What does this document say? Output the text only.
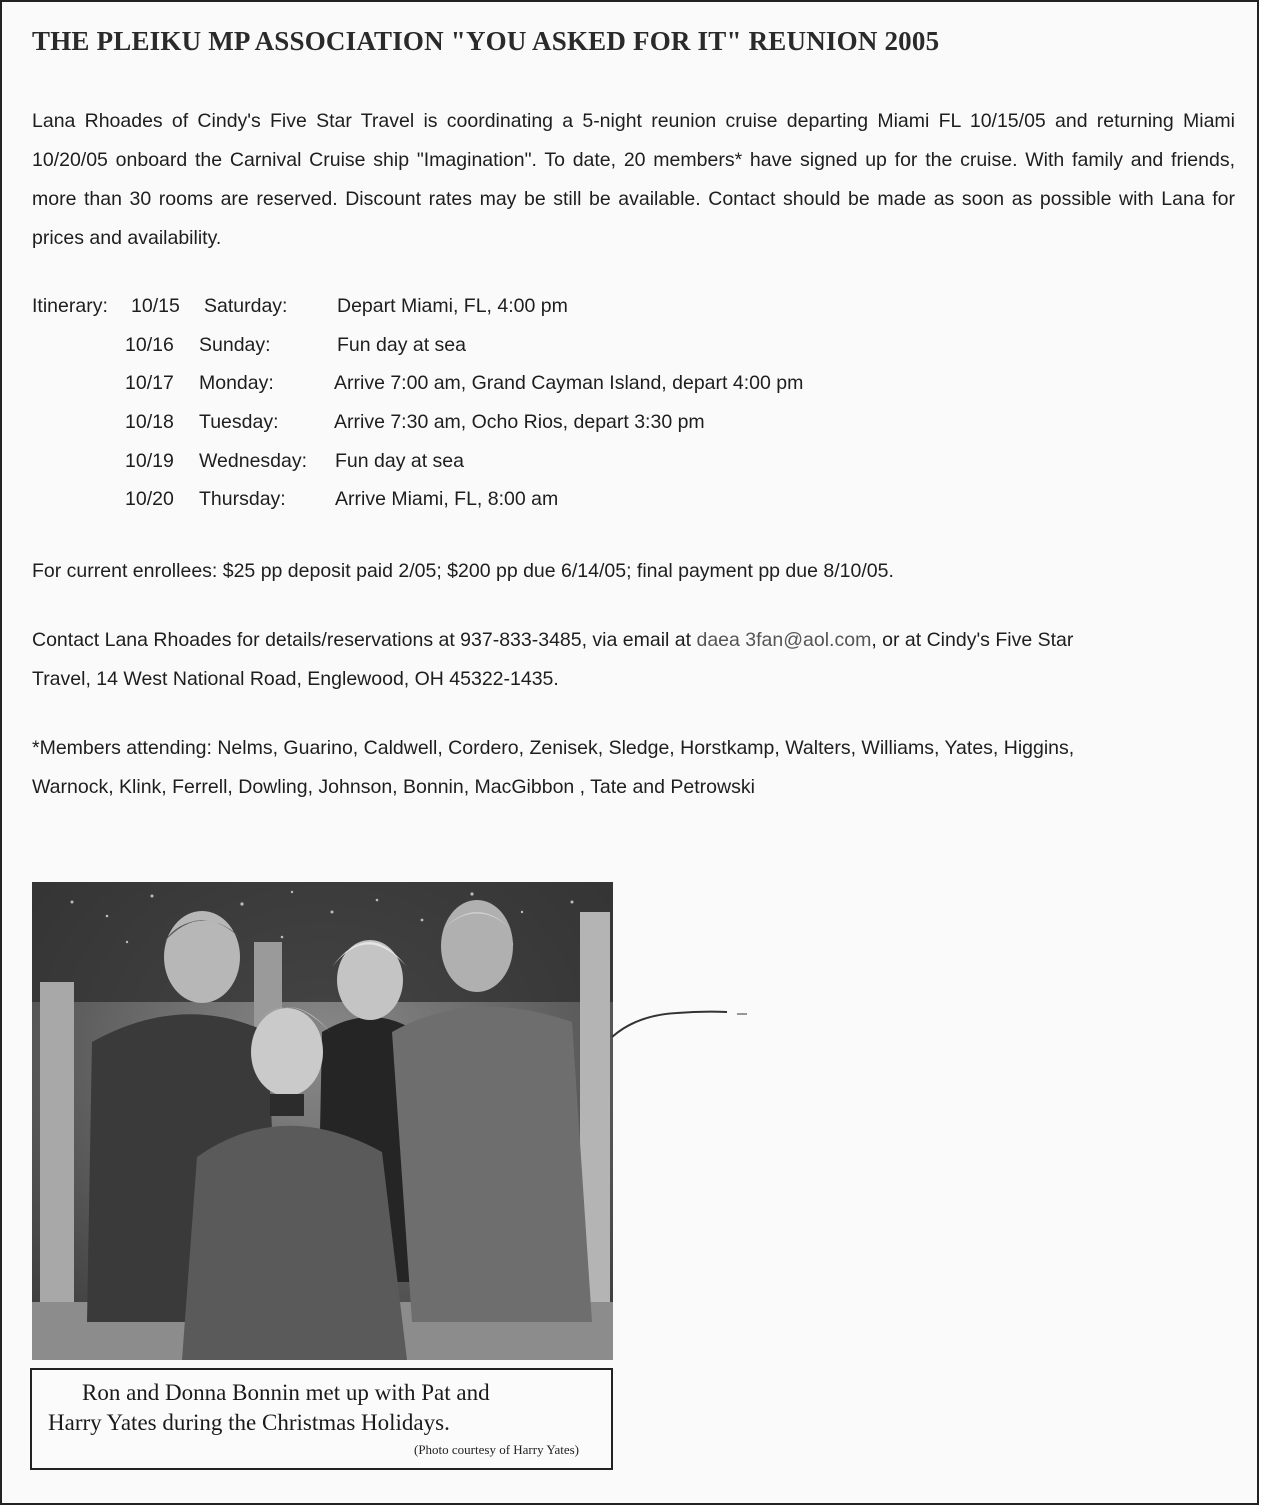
THE PLEIKU MP ASSOCIATION "YOU ASKED FOR IT" REUNION 2005

Lana Rhoades of Cindy's Five Star Travel is coordinating a 5-night reunion cruise departing Miami FL 10/15/05 and returning Miami 10/20/05 onboard the Carnival Cruise ship "Imagination". To date, 20 members* have signed up for the cruise. With family and friends, more than 30 rooms are reserved. Discount rates may be still be available. Contact should be made as soon as possible with Lana for prices and availability.

Itinerary: 10/15 Saturday:	Depart Miami, FL, 4:00 pm
10/16 Sunday:	Fun day at sea
10/17 Monday:	Arrive 7:00 am, Grand Cayman Island, depart 4:00 pm
10/18 Tuesday:	Arrive 7:30 am, Ocho Rios, depart 3:30 pm
10/19 Wednesday: Fun day at sea
10/20 Thursday:	Arrive Miami, FL, 8:00 am

For current enrollees: $25 pp deposit paid 2/05; $200 pp due 6/14/05; final payment pp due 8/10/05.

Contact Lana Rhoades for details/reservations at 937-833-3485, via email at daea 3fan@aol.com, or at Cindy's Five Star
Travel, 14 West National Road, Englewood, OH 45322-1435.
*Members attending: Nelms, Guarino, Caldwell, Cordero, Zenisek, Sledge, Horstkamp, Walters, Williams, Yates, Higgins,
Warnock, Klink, Ferrell, Dowling, Johnson, Bonnin, MacGibbon , Tate and Petrowski
Ron and Donna Bonnin met up with Pat and
Harry Yates during the Christmas Holidays.
(Photo courtesy of Harry Yates)
